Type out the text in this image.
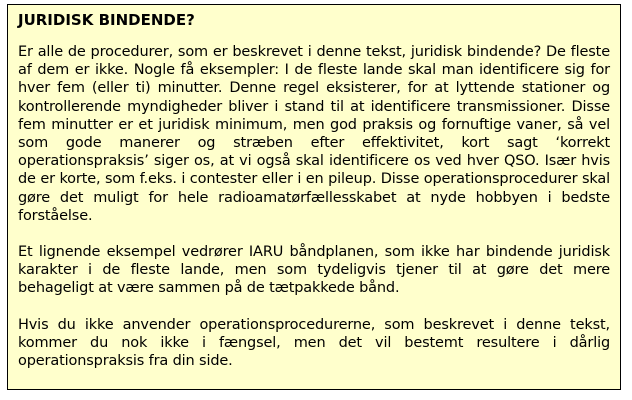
JURIDISK BINDENDE?

Er alle de procedurer, som er beskrevet i denne tekst, juridisk bindende? De fleste af dem er ikke. Nogle få eksempler: I de fleste lande skal man identificere sig for hver fem (eller ti) minutter. Denne regel eksisterer, for at lyttende stationer og kontrollerende myndigheder bliver i stand til at identificere transmissioner. Disse fem minutter er et juridisk minimum, men god praksis og fornuftige vaner, så vel som gode manerer og stræben efter effektivitet, kort sagt ‘korrekt operationspraksis’ siger os, at vi også skal identificere os ved hver QSO. Især hvis de er korte, som f.eks. i contester eller i en pileup. Disse operationsprocedurer skal gøre det muligt for hele radioamatørfællesskabet at nyde hobbyen i bedste forståelse.

Et lignende eksempel vedrører IARU båndplanen, som ikke har bindende juridisk karakter i de fleste lande, men som tydeligvis tjener til at gøre det mere behageligt at være sammen på de tætpakkede bånd.

Hvis du ikke anvender operationsprocedurerne, som beskrevet i denne tekst, kommer du nok ikke i fængsel, men det vil bestemt resultere i dårlig operationspraksis fra din side.
